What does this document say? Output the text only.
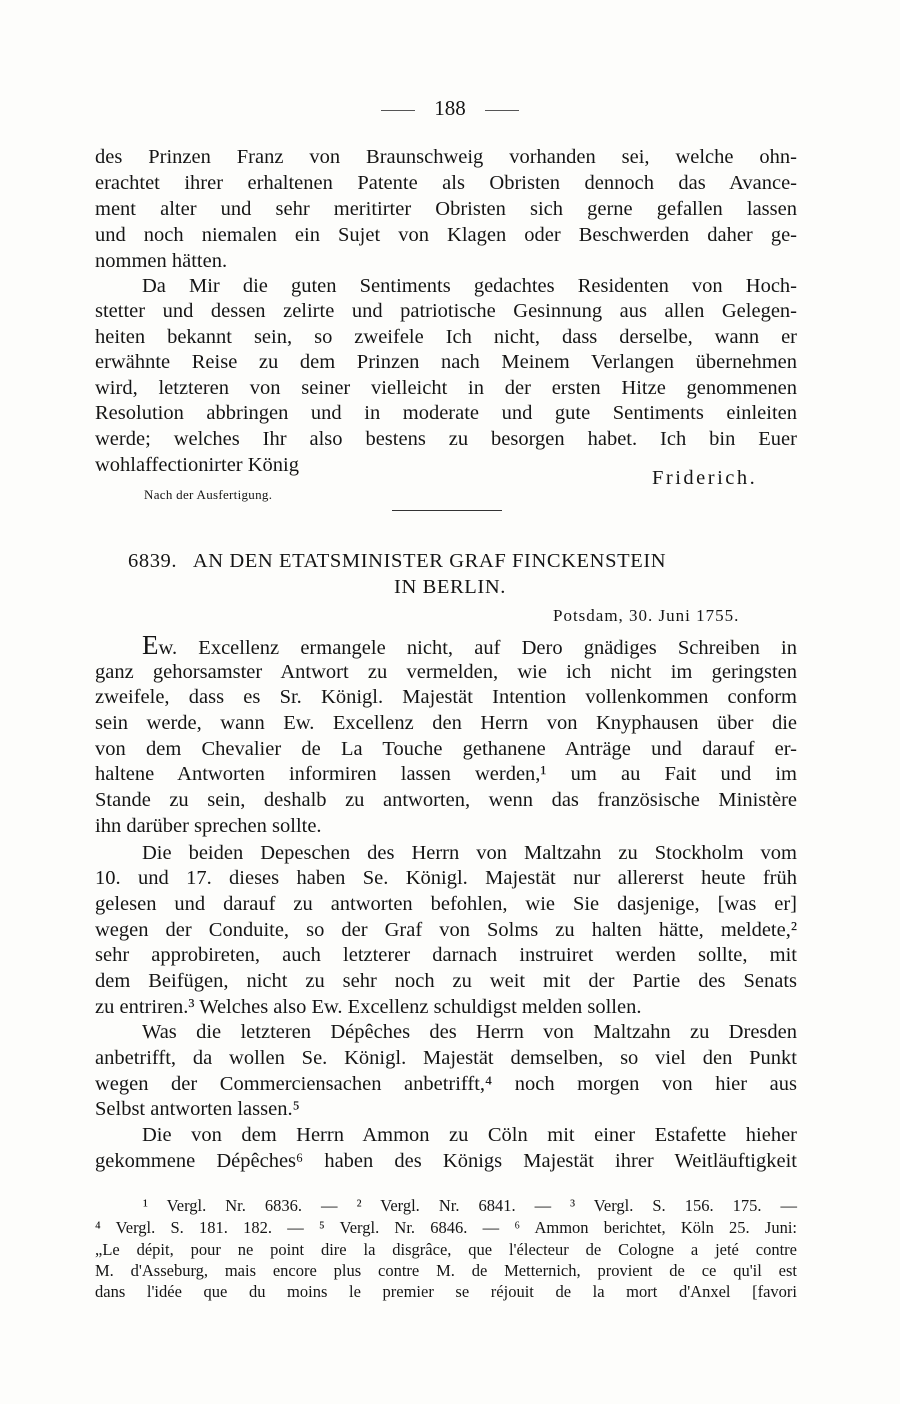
188
des Prinzen Franz von Braunschweig vorhanden sei, welche ohn-
erachtet ihrer erhaltenen Patente als Obristen dennoch das Avance-
ment alter und sehr meritirter Obristen sich gerne gefallen lassen
und noch niemalen ein Sujet von Klagen oder Beschwerden daher ge-
nommen hätten.
Da Mir die guten Sentiments gedachtes Residenten von Hoch-
stetter und dessen zelirte und patriotische Gesinnung aus allen Gelegen-
heiten bekannt sein, so zweifele Ich nicht, dass derselbe, wann er
erwähnte Reise zu dem Prinzen nach Meinem Verlangen übernehmen
wird, letzteren von seiner vielleicht in der ersten Hitze genommenen
Resolution abbringen und in moderate und gute Sentiments einleiten
werde; welches Ihr also bestens zu besorgen habet. Ich bin Euer
wohlaffectionirter König
Friderich.
Nach der Ausfertigung.
6839. AN DEN ETATSMINISTER GRAF FINCKENSTEIN
IN BERLIN.
Potsdam, 30. Juni 1755.
Ew. Excellenz ermangele nicht, auf Dero gnädiges Schreiben in
ganz gehorsamster Antwort zu vermelden, wie ich nicht im geringsten
zweifele, dass es Sr. Königl. Majestät Intention vollenkommen conform
sein werde, wann Ew. Excellenz den Herrn von Knyphausen über die
von dem Chevalier de La Touche gethanene Anträge und darauf er-
haltene Antworten informiren lassen werden,¹ um au Fait und im
Stande zu sein, deshalb zu antworten, wenn das französische Ministère
ihn darüber sprechen sollte.
Die beiden Depeschen des Herrn von Maltzahn zu Stockholm vom
10. und 17. dieses haben Se. Königl. Majestät nur allererst heute früh
gelesen und darauf zu antworten befohlen, wie Sie dasjenige, [was er]
wegen der Conduite, so der Graf von Solms zu halten hätte, meldete,²
sehr approbireten, auch letzterer darnach instruiret werden sollte, mit
dem Beifügen, nicht zu sehr noch zu weit mit der Partie des Senats
zu entriren.³ Welches also Ew. Excellenz schuldigst melden sollen.
Was die letzteren Dépêches des Herrn von Maltzahn zu Dresden
anbetrifft, da wollen Se. Königl. Majestät demselben, so viel den Punkt
wegen der Commerciensachen anbetrifft,⁴ noch morgen von hier aus
Selbst antworten lassen.⁵
Die von dem Herrn Ammon zu Cöln mit einer Estafette hieher
gekommene Dépêches⁶ haben des Königs Majestät ihrer Weitläuftigkeit
¹ Vergl. Nr. 6836. — ² Vergl. Nr. 6841. — ³ Vergl. S. 156. 175. —
⁴ Vergl. S. 181. 182. — ⁵ Vergl. Nr. 6846. — ⁶ Ammon berichtet, Köln 25. Juni:
„Le dépit, pour ne point dire la disgrâce, que l'électeur de Cologne a jeté contre
M. d'Asseburg, mais encore plus contre M. de Metternich, provient de ce qu'il est
dans l'idée que du moins le premier se réjouit de la mort d'Anxel [favori
